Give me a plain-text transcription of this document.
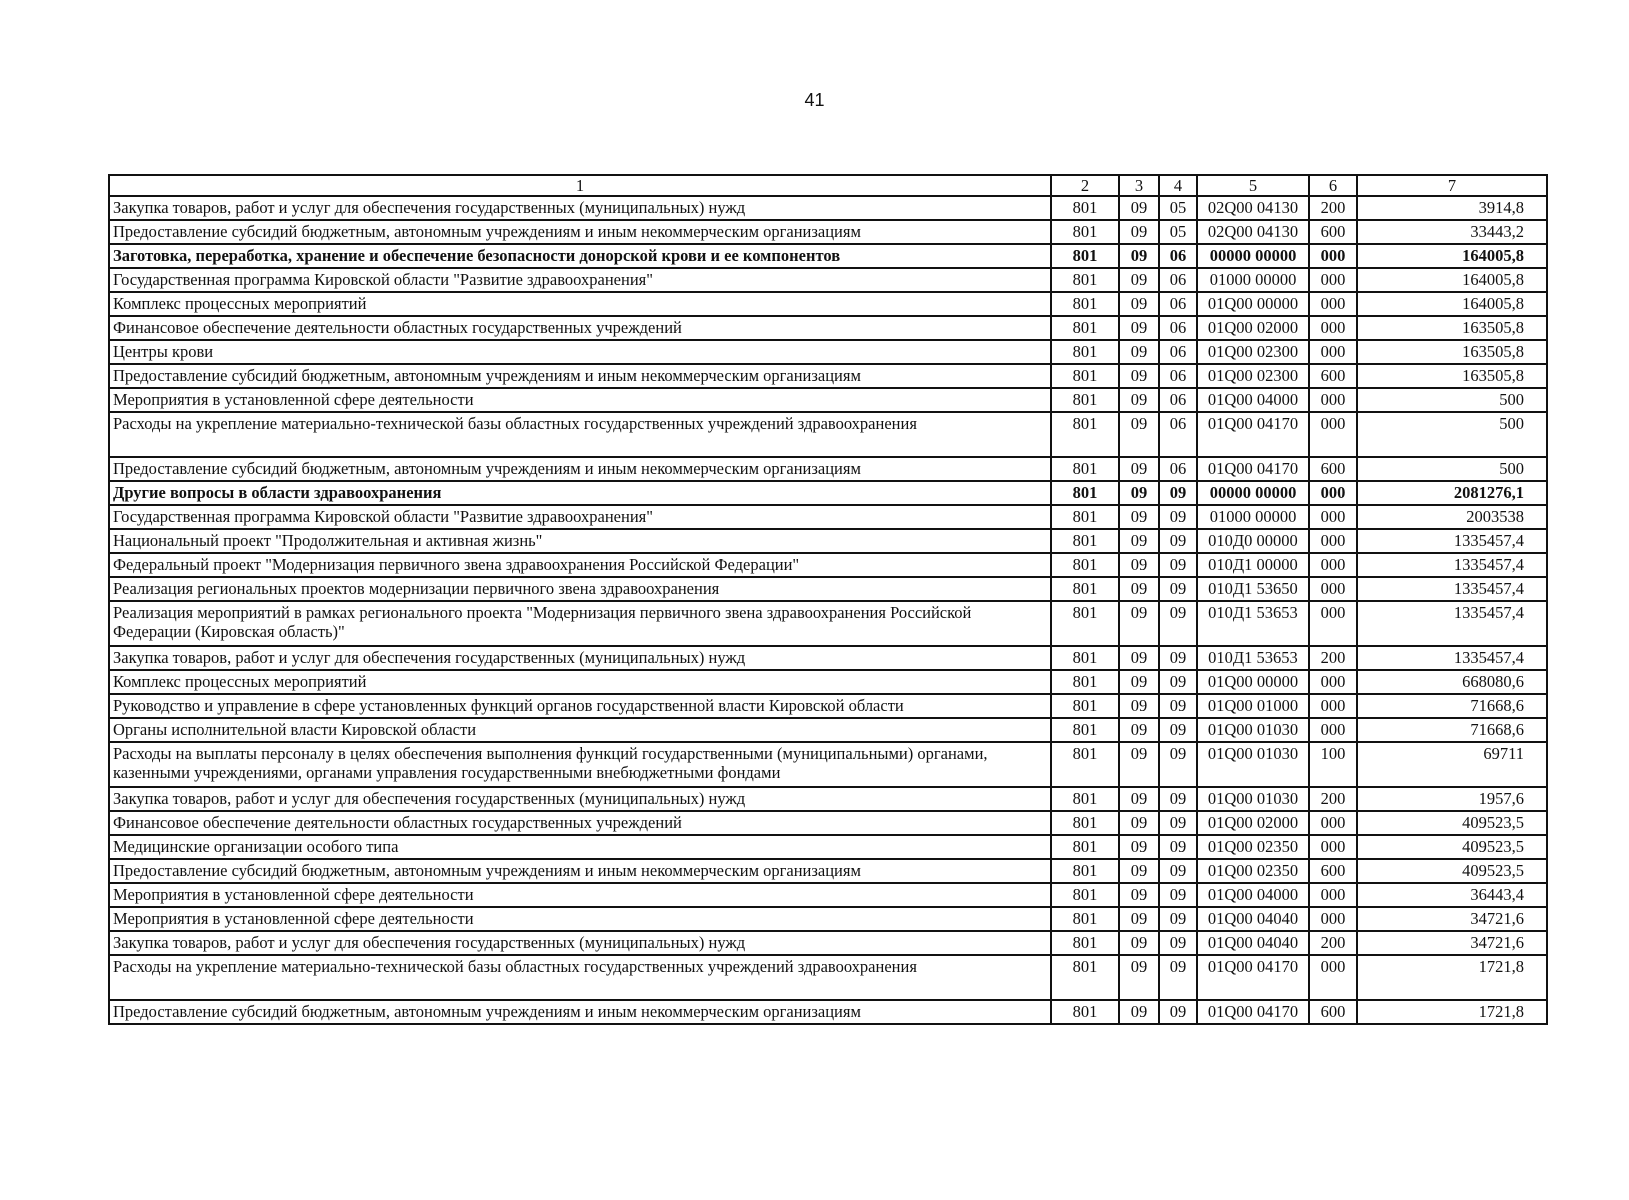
41
1	2	3	4	5	6	7
Закупка товаров, работ и услуг для обеспечения государственных (муниципальных) нужд	801	09	05	02Q00 04130	200	3914,8
Предоставление субсидий бюджетным, автономным учреждениям и иным некоммерческим организациям	801	09	05	02Q00 04130	600	33443,2
Заготовка, переработка, хранение и обеспечение безопасности донорской крови и ее компонентов	801	09	06	00000 00000	000	164005,8
Государственная программа Кировской области "Развитие здравоохранения"	801	09	06	01000 00000	000	164005,8
Комплекс процессных мероприятий	801	09	06	01Q00 00000	000	164005,8
Финансовое обеспечение деятельности областных государственных учреждений	801	09	06	01Q00 02000	000	163505,8
Центры крови	801	09	06	01Q00 02300	000	163505,8
Предоставление субсидий бюджетным, автономным учреждениям и иным некоммерческим организациям	801	09	06	01Q00 02300	600	163505,8
Мероприятия в установленной сфере деятельности	801	09	06	01Q00 04000	000	500
Расходы на укрепление материально-технической базы областных государственных учреждений здравоохранения	801	09	06	01Q00 04170	000	500
Предоставление субсидий бюджетным, автономным учреждениям и иным некоммерческим организациям	801	09	06	01Q00 04170	600	500
Другие вопросы в области здравоохранения	801	09	09	00000 00000	000	2081276,1
Государственная программа Кировской области "Развитие здравоохранения"	801	09	09	01000 00000	000	2003538
Национальный проект "Продолжительная и активная жизнь"	801	09	09	010Д0 00000	000	1335457,4
Федеральный проект "Модернизация первичного звена здравоохранения Российской Федерации"	801	09	09	010Д1 00000	000	1335457,4
Реализация региональных проектов модернизации первичного звена здравоохранения	801	09	09	010Д1 53650	000	1335457,4
Реализация мероприятий в рамках регионального проекта "Модернизация первичного звена здравоохранения Российской Федерации (Кировская область)"	801	09	09	010Д1 53653	000	1335457,4
Закупка товаров, работ и услуг для обеспечения государственных (муниципальных) нужд	801	09	09	010Д1 53653	200	1335457,4
Комплекс процессных мероприятий	801	09	09	01Q00 00000	000	668080,6
Руководство и управление в сфере установленных функций органов государственной власти Кировской области	801	09	09	01Q00 01000	000	71668,6
Органы исполнительной власти Кировской области	801	09	09	01Q00 01030	000	71668,6
Расходы на выплаты персоналу в целях обеспечения выполнения функций государственными (муниципальными) органами, казенными учреждениями, органами управления государственными внебюджетными фондами	801	09	09	01Q00 01030	100	69711
Закупка товаров, работ и услуг для обеспечения государственных (муниципальных) нужд	801	09	09	01Q00 01030	200	1957,6
Финансовое обеспечение деятельности областных государственных учреждений	801	09	09	01Q00 02000	000	409523,5
Медицинские организации особого типа	801	09	09	01Q00 02350	000	409523,5
Предоставление субсидий бюджетным, автономным учреждениям и иным некоммерческим организациям	801	09	09	01Q00 02350	600	409523,5
Мероприятия в установленной сфере деятельности	801	09	09	01Q00 04000	000	36443,4
Мероприятия в установленной сфере деятельности	801	09	09	01Q00 04040	000	34721,6
Закупка товаров, работ и услуг для обеспечения государственных (муниципальных) нужд	801	09	09	01Q00 04040	200	34721,6
Расходы на укрепление материально-технической базы областных государственных учреждений здравоохранения	801	09	09	01Q00 04170	000	1721,8
Предоставление субсидий бюджетным, автономным учреждениям и иным некоммерческим организациям	801	09	09	01Q00 04170	600	1721,8
